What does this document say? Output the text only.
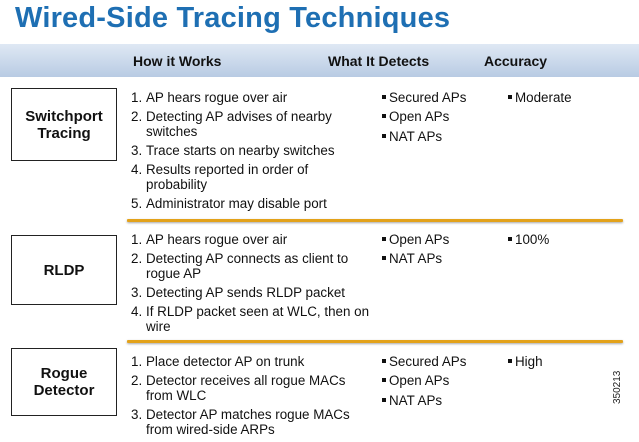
Wired-Side Tracing Techniques
How it Works	What It Detects	Accuracy
Switchport
Tracing
1. AP hears rogue over air
2. Detecting AP advises of nearby switches
3. Trace starts on nearby switches
4. Results reported in order of probability
5. Administrator may disable port
Secured APs
Open APs
NAT APs
Moderate
RLDP
1. AP hears rogue over air
2. Detecting AP connects as client to rogue AP
3. Detecting AP sends RLDP packet
4. If RLDP packet seen at WLC, then on wire
Open APs
NAT APs
100%
Rogue
Detector
1. Place detector AP on trunk
2. Detector receives all rogue MACs from WLC
3. Detector AP matches rogue MACs from wired-side ARPs
Secured APs
Open APs
NAT APs
High
350213
